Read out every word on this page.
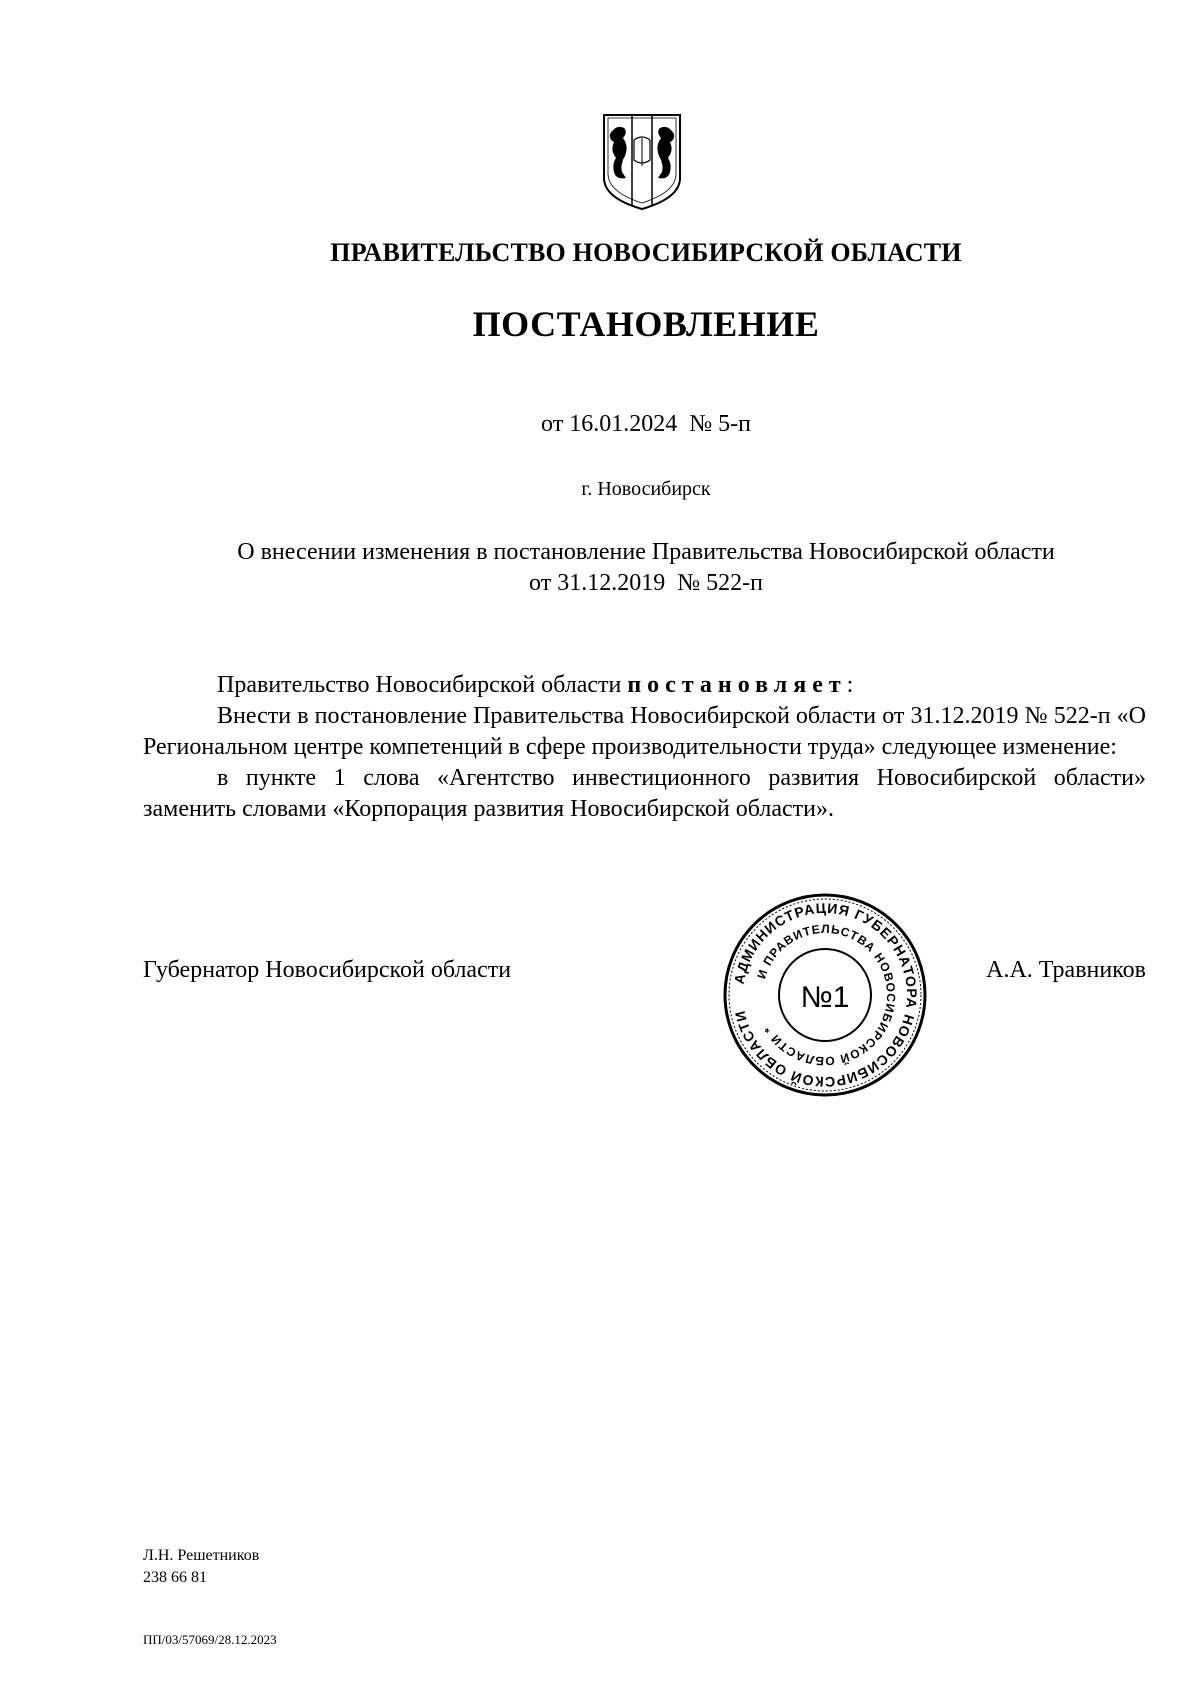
ПРАВИТЕЛЬСТВО НОВОСИБИРСКОЙ ОБЛАСТИ
ПОСТАНОВЛЕНИЕ
от 16.01.2024  № 5-п
г. Новосибирск
О внесении изменения в постановление Правительства Новосибирской области
от 31.12.2019  № 522-п

Правительство Новосибирской области постановляет:

Внести в постановление Правительства Новосибирской области от 31.12.2019 № 522-п «О Региональном центре компетенций в сфере производительности труда» следующее изменение:

в пункте 1 слова «Агентство инвестиционного развития Новосибирской области» заменить словами «Корпорация развития Новосибирской области».

Губернатор Новосибирской области	А.А. Травников
АДМИНИСТРАЦИЯ ГУБЕРНАТОРА НОВОСИБИРСКОЙ ОБЛАСТИ
И ПРАВИТЕЛЬСТВА НОВОСИБИРСКОЙ ОБЛАСТИ *
№1
Л.Н. Решетников
238 66 81
ПП/03/57069/28.12.2023
